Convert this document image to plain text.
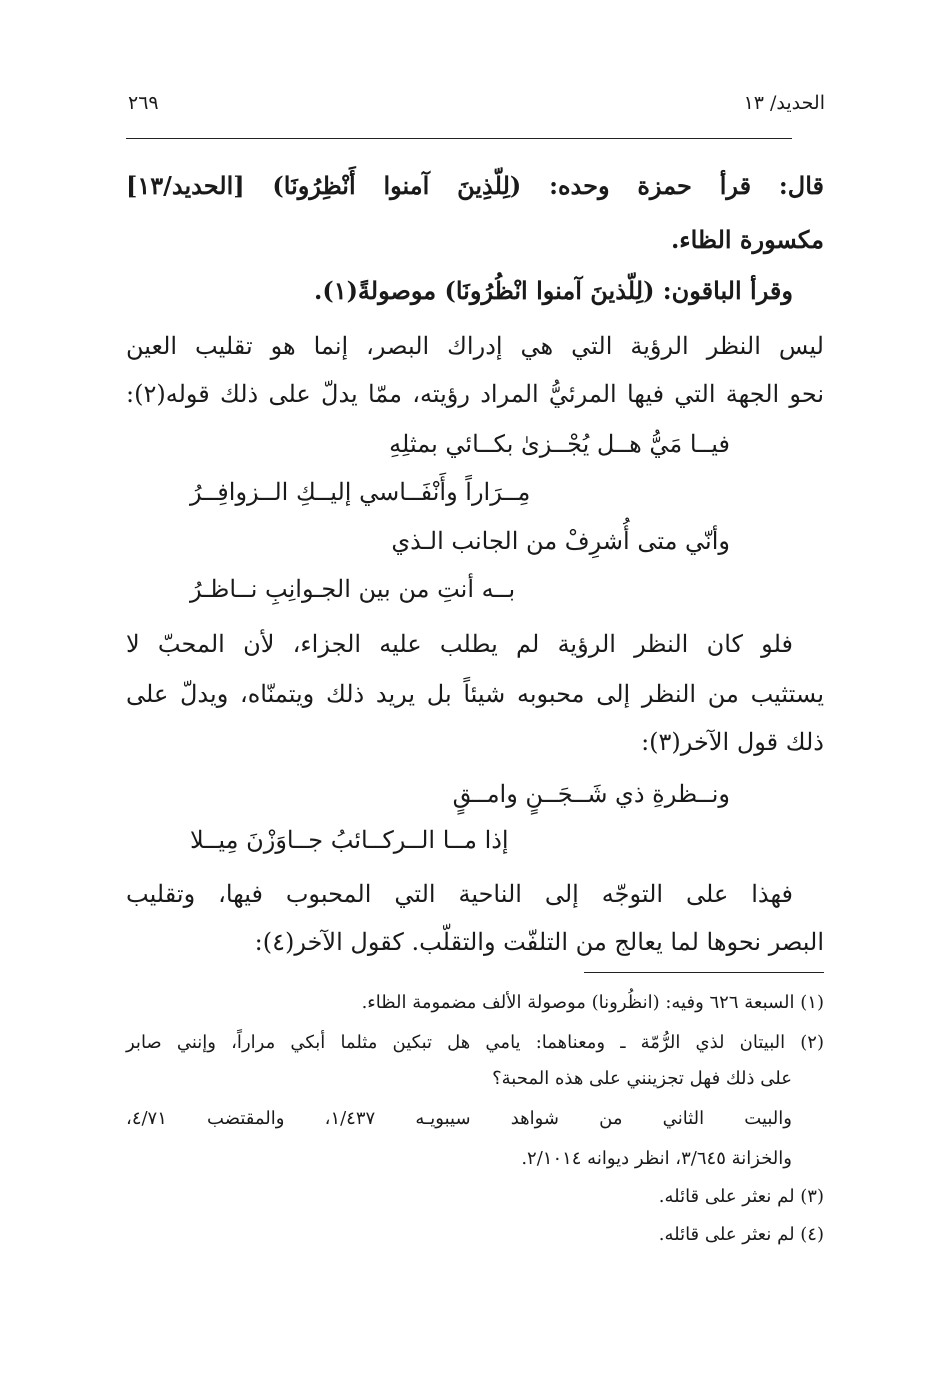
الحديد/ ١٣
٢٦٩
قال: قرأ حمزة وحده: (لِلّذِينَ آمنوا أَنْظِرُونَا) [الحديد/١٣]
مكسورة الظاء.
وقرأ الباقون: (لِلّذينَ آمنوا انْظُرُونَا) موصولةً(١).
ليس النظر الرؤية التي هي إدراك البصر، إنما هو تقليب العين
نحو الجهة التي فيها المرئيُّ المراد رؤيته، ممّا يدلّ على ذلك قوله(٢):
فيــا مَيُّ هــل يُجْــزىٰ بكــائي بمثلِهِ
مِــرَاراً وأَنْفَــاسي إليــكِ الــزوافِــرُ
وأنّي متى أُشرِفْ من الجانب الـذي
بــه أنتِ من بين الجـوانِبِ نــاظـرُ
فلو كان النظر الرؤية لم يطلب عليه الجزاء، لأن المحبّ لا
يستثيب من النظر إلى محبوبه شيئاً بل يريد ذلك ويتمنّاه، ويدلّ على
ذلك قول الآخر(٣):
ونــظرةِ ذي شَــجَــنٍ وامــقٍ
إذا مــا الــركــائبُ جــاوَزْنَ مِيــلا
فهذا على التوجّه إلى الناحية التي المحبوب فيها، وتقليب
البصر نحوها لما يعالج من التلفّت والتقلّب. كقول الآخر(٤):
(١) السبعة ٦٢٦ وفيه: (انظُرونا) موصولة الألف مضمومة الظاء.
(٢) البيتان لذي الرُّمّة ـ ومعناهما: يامي هل تبكين مثلما أبكي مراراً، وإنني صابر
على ذلك فهل تجزينني على هذه المحبة؟
والبيت الثاني من شواهد سيبويـه ١/٤٣٧، والمقتضب ٤/٧١،
والخزانة ٣/٦٤٥، انظر ديوانه ٢/١٠١٤.
(٣) لم نعثر على قائله.
(٤) لم نعثر على قائله.
